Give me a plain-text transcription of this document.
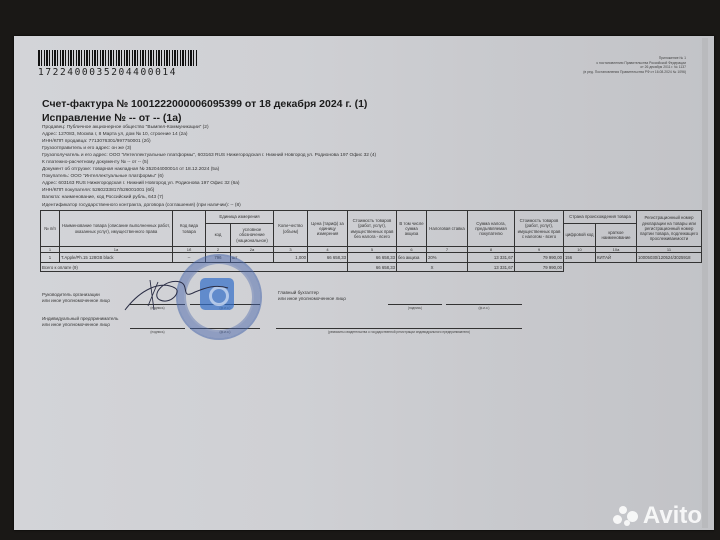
1722400035204400014
Приложение № 1
к постановлению Правительства Российской Федерации
от 26 декабря 2011 г. № 1137
(в ред. Постановления Правительства РФ от 16.08.2024 № 1096)
Счет-фактура № 1001222000006095399 от 18 декабря 2024 г. (1)
Исправление № -- от -- (1а)
Продавец: Публичное акционерное общество "Вымпел-Коммуникации" (2)
Адрес: 127083, Москва г, 8 Марта ул, дом № 10, строение 14 (2а)
ИНН/КПП продавца: 7713076301/997750001 (2б)
Грузоотправитель и его адрес: он же (3)
Грузополучатель и его адрес: ООО "Интеллектуальные платформы", 603163 RUS Нижегородская г. Нижний Новгород ул. Родионова 197 Офис 32 (4)
К платежно-расчетному документу № -- от -- (5)
Документ об отгрузке: товарная накладная № 352044000014 от 18.12.2024 (5а)
Покупатель: ООО "Интеллектуальные платформы" (6)
Адрес: 603163 RUS Нижегородская г. Нижний Новгород ул. Родионова 197 Офис 32 (6а)
ИНН/КПП покупателя: 5260233817/526001001 (6б)
Валюта: наименование, код Российский рубль, 643 (7)
Идентификатор государственного контракта, договора (соглашения) (при наличии): -- (8)
№ п/п	Наименование товара (описание выполненных работ, оказанных услуг), имущественного права	Код вида товара	Единица измерения		Коли-чество (объем)	Цена (тариф) за единицу измерения	Стоимость товаров (работ, услуг), имущественных прав без налога - всего	В том числе сумма акциза	Налоговая ставка	Сумма налога, предъявляемая покупателю	Стоимость товаров (работ, услуг), имущественных прав с налогом - всего	Страна происхождения товара		Регистрационный номер декларации на товары или регистрационный номер партии товара, подлежащего прослеживаемости
			код	условное обозначение (национальное)								цифровой код	краткое наименование	
1	1а	1б	2	2а	3	4	5	6	7	8	9	10	10а	11
1	T.Apple/Ph.15 128GB black	--	796	шт	1,000	66 658,33	66 658,33	без акциза	20%	13 331,67	79 990,00	156	КИТАЙ	10005030/120524/3025918
Всего к оплате (9)							66 658,33	Х		13 331,67	79 990,00			
Руководитель организации
или иное уполномоченное лицо
(подпись)
Главный бухгалтер
или иное уполномоченное лицо
(подпись)	(ф.и.о.)
Индивидуальный предприниматель
или иное уполномоченное лицо
(подпись)	(ф.и.о.)	(реквизиты свидетельства о государственной регистрации индивидуального предпринимателя)
Avito
